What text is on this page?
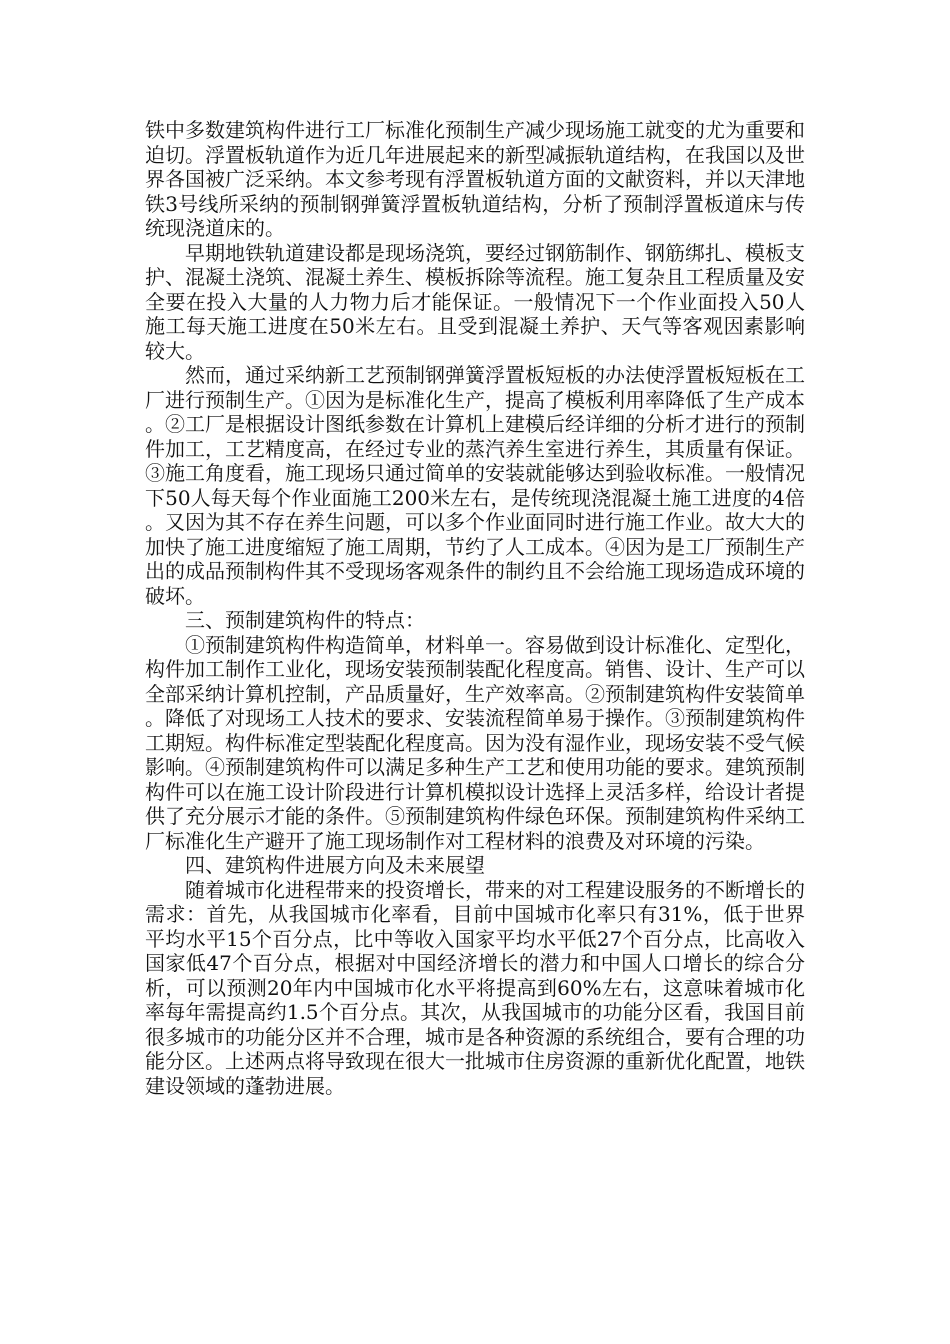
铁中多数建筑构件进行工厂标准化预制生产减少现场施工就变的尤为重要和迫切。浮置板轨道作为近几年进展起来的新型减振轨道结构，在我国以及世界各国被广泛采纳。本文参考现有浮置板轨道方面的文献资料，并以天津地铁3号线所采纳的预制钢弹簧浮置板轨道结构，分析了预制浮置板道床与传统现浇道床的。

早期地铁轨道建设都是现场浇筑，要经过钢筋制作、钢筋绑扎、模板支护、混凝土浇筑、混凝土养生、模板拆除等流程。施工复杂且工程质量及安全要在投入大量的人力物力后才能保证。一般情况下一个作业面投入50人施工每天施工进度在50米左右。且受到混凝土养护、天气等客观因素影响较大。

然而，通过采纳新工艺预制钢弹簧浮置板短板的办法使浮置板短板在工厂进行预制生产。①因为是标准化生产，提高了模板利用率降低了生产成本。②工厂是根据设计图纸参数在计算机上建模后经详细的分析才进行的预制件加工，工艺精度高，在经过专业的蒸汽养生室进行养生，其质量有保证。③施工角度看，施工现场只通过简单的安装就能够达到验收标准。一般情况下50人每天每个作业面施工200米左右，是传统现浇混凝土施工进度的4倍。又因为其不存在养生问题，可以多个作业面同时进行施工作业。故大大的加快了施工进度缩短了施工周期，节约了人工成本。④因为是工厂预制生产出的成品预制构件其不受现场客观条件的制约且不会给施工现场造成环境的破坏。

三、预制建筑构件的特点：

①预制建筑构件构造简单，材料单一。容易做到设计标准化、定型化，构件加工制作工业化，现场安装预制装配化程度高。销售、设计、生产可以全部采纳计算机控制，产品质量好，生产效率高。②预制建筑构件安装简单。降低了对现场工人技术的要求、安装流程简单易于操作。③预制建筑构件工期短。构件标准定型装配化程度高。因为没有湿作业，现场安装不受气候影响。④预制建筑构件可以满足多种生产工艺和使用功能的要求。建筑预制构件可以在施工设计阶段进行计算机模拟设计选择上灵活多样，给设计者提供了充分展示才能的条件。⑤预制建筑构件绿色环保。预制建筑构件采纳工厂标准化生产避开了施工现场制作对工程材料的浪费及对环境的污染。

四、建筑构件进展方向及未来展望

随着城市化进程带来的投资增长，带来的对工程建设服务的不断增长的需求：首先，从我国城市化率看，目前中国城市化率只有31%，低于世界平均水平15个百分点，比中等收入国家平均水平低27个百分点，比高收入国家低47个百分点，根据对中国经济增长的潜力和中国人口增长的综合分析，可以预测20年内中国城市化水平将提高到60%左右，这意味着城市化率每年需提高约1.5个百分点。其次，从我国城市的功能分区看，我国目前很多城市的功能分区并不合理，城市是各种资源的系统组合，要有合理的功能分区。上述两点将导致现在很大一批城市住房资源的重新优化配置，地铁建设领域的蓬勃进展。
